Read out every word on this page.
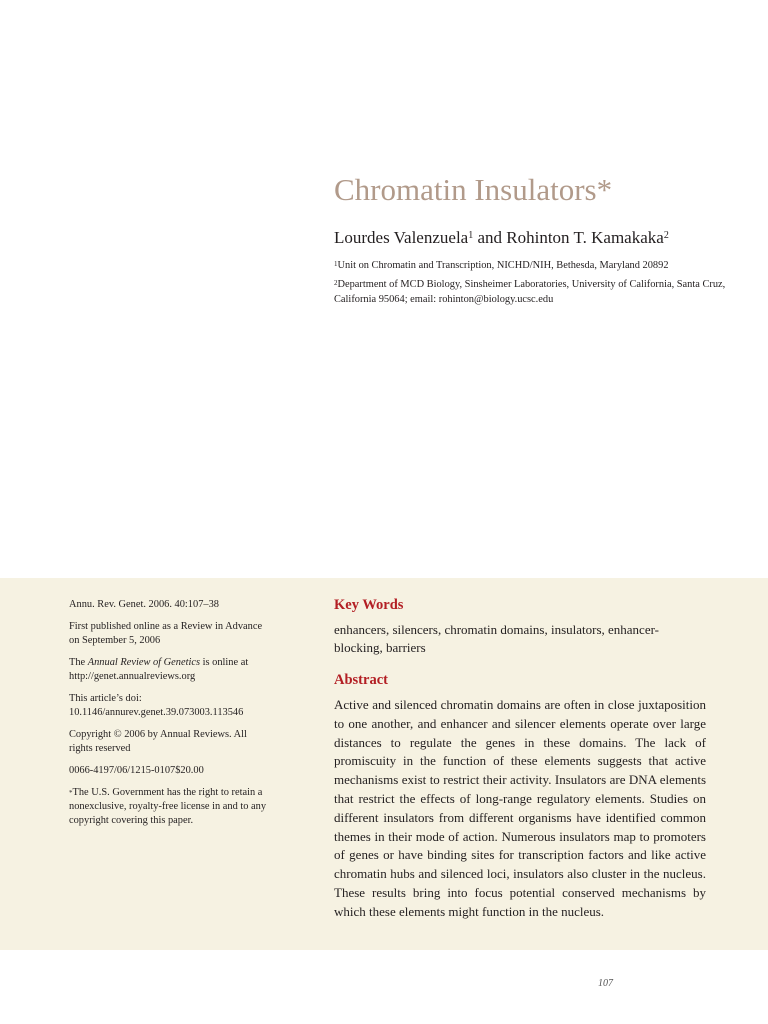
Chromatin Insulators*
Lourdes Valenzuela$^1$ and Rohinton T. Kamakaka$^2$

$^1$Unit on Chromatin and Transcription, NICHD/NIH, Bethesda, Maryland 20892

$^2$Department of MCD Biology, Sinsheimer Laboratories, University of California, Santa Cruz, California 95064; email: rohinton@biology.ucsc.edu

Annu. Rev. Genet. 2006. 40:107–38

First published online as a Review in Advance on September 5, 2006

The Annual Review of Genetics is online at http://genet.annualreviews.org

This article’s doi: 10.1146/annurev.genet.39.073003.113546

Copyright © 2006 by Annual Reviews. All rights reserved

0066-4197/06/1215-0107$20.00

*The U.S. Government has the right to retain a nonexclusive, royalty-free license in and to any copyright covering this paper.

Key Words

enhancers, silencers, chromatin domains, insulators, enhancer-blocking, barriers

Abstract

Active and silenced chromatin domains are often in close juxtaposition to one another, and enhancer and silencer elements operate over large distances to regulate the genes in these domains. The lack of promiscuity in the function of these elements suggests that active mechanisms exist to restrict their activity. Insulators are DNA elements that restrict the effects of long-range regulatory elements. Studies on different insulators from different organisms have identified common themes in their mode of action. Numerous insulators map to promoters of genes or have binding sites for transcription factors and like active chromatin hubs and silenced loci, insulators also cluster in the nucleus. These results bring into focus potential conserved mechanisms by which these elements might function in the nucleus.

107
